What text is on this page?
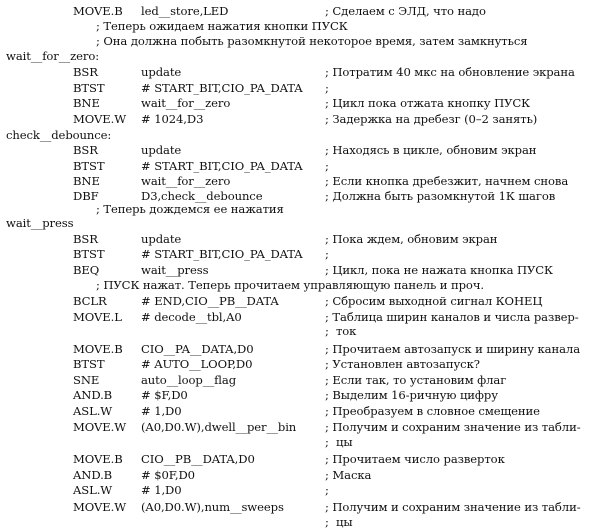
MOVE.B led__store,LED	; Сделаем с ЭЛД, что надо
; Теперь ожидаем нажатия кнопки ПУСК
; Она должна побыть разомкнутой некоторое время, затем замкнуться
wait__for__zero:
BSR	update	; Потратим 40 мкс на обновление экрана
BTST	# START_BIT,CIO_PA_DATA ;
BNE	wait__for__zero	; Цикл пока отжата кнопку ПУСК
MOVE.W # 1024,D3	; Задержка на дребезг (0–2 занять)
check__debounce:
BSR	update	; Находясь в цикле, обновим экран
BTST	# START_BIT,CIO_PA_DATA ;
BNE	wait__for__zero	; Если кнопка дребезжит, начнем снова
DBF	D3,check__debounce	; Должна быть разомкнутой 1К шагов
; Теперь дождемся ее нажатия
wait__press
BSR	update	; Пока ждем, обновим экран
BTST	# START_BIT,CIO_PA_DATA ;
BEQ	wait__press	; Цикл, пока не нажата кнопка ПУСК
; ПУСК нажат. Теперь прочитаем управляющую панель и проч.
BCLR	# END,CIO__PB__DATA	; Сбросим выходной сигнал КОНЕЦ
MOVE.L # decode__tbl,A0	; Таблица ширин каналов и числа развер-
;  ток
MOVE.B CIO__PA__DATA,D0	; Прочитаем автозапуск и ширину канала
BTST	# AUTO__LOOP,D0	; Установлен автозапуск?
SNE	auto__loop__flag	; Если так, то установим флаг
AND.B # $F,D0	; Выделим 16-ричную цифру
ASL.W # 1,D0	; Преобразуем в словное смещение
MOVE.W (A0,D0.W),dwell__per__bin ; Получим и сохраним значение из табли-
;  цы
MOVE.B CIO__PB__DATA,D0	; Прочитаем число разверток
AND.B # $0F,D0	; Маска
ASL.W # 1,D0	;
MOVE.W (A0,D0.W),num__sweeps	; Получим и сохраним значение из табли-
;  цы
